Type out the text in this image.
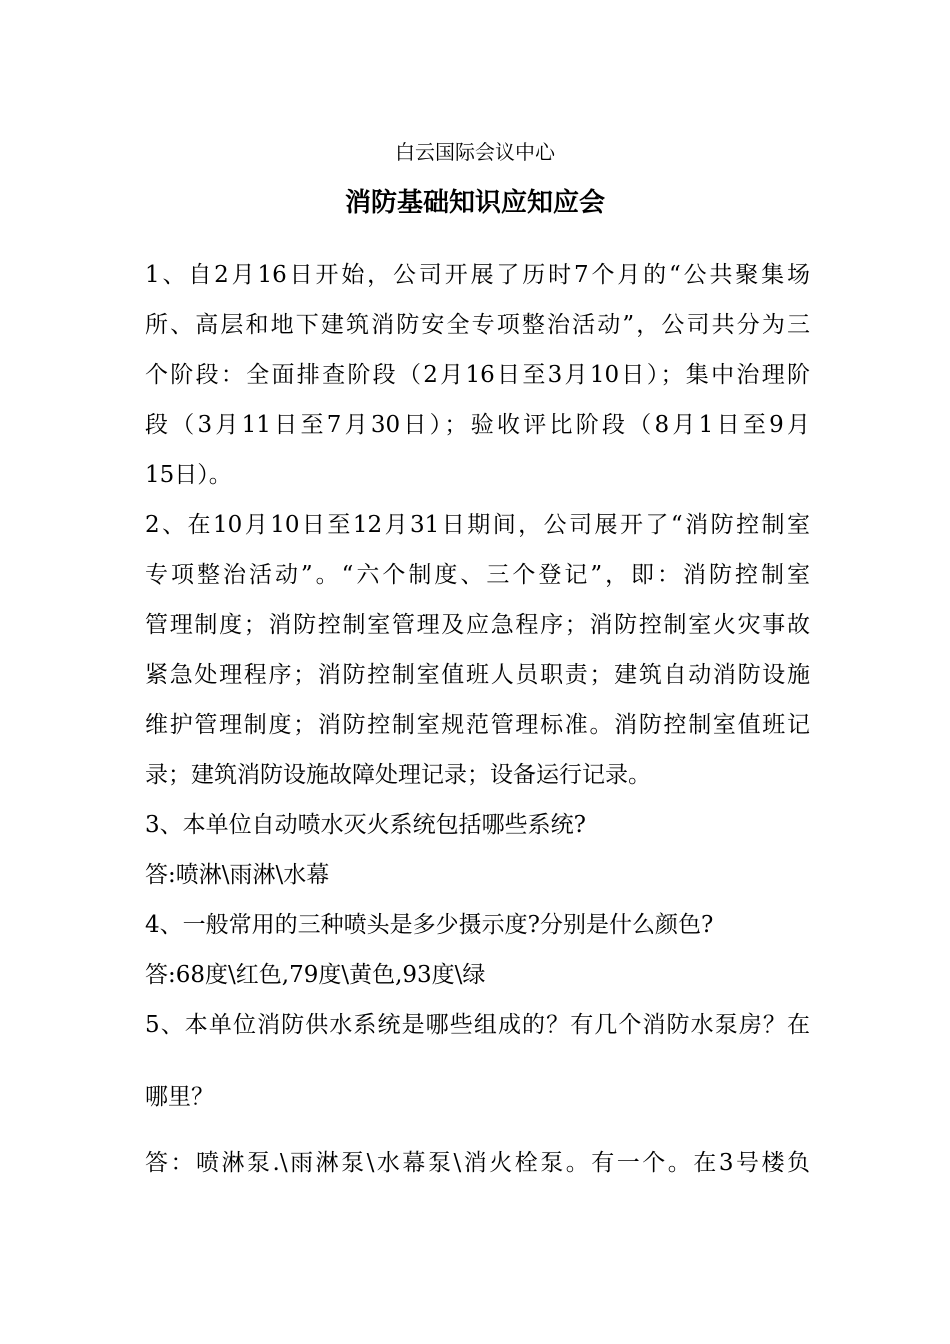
白云国际会议中心
消防基础知识应知应会
1、自2月16日开始，公司开展了历时7个月的“公共聚集场
所、高层和地下建筑消防安全专项整治活动”，公司共分为三
个阶段：全面排查阶段（2月16日至3月10日）；集中治理阶
段（3月11日至7月30日）；验收评比阶段（8月1日至9月
15日）。
2、在10月10日至12月31日期间，公司展开了“消防控制室
专项整治活动”。“六个制度、三个登记”，即：消防控制室
管理制度；消防控制室管理及应急程序；消防控制室火灾事故
紧急处理程序；消防控制室值班人员职责；建筑自动消防设施
维护管理制度；消防控制室规范管理标准。消防控制室值班记
录；建筑消防设施故障处理记录；设备运行记录。
3、本单位自动喷水灭火系统包括哪些系统?
答:喷淋\雨淋\水幕
4、一般常用的三种喷头是多少摄示度?分别是什么颜色?
答:68度\红色,79度\黄色,93度\绿
5、本单位消防供水系统是哪些组成的？有几个消防水泵房？在
哪里？
答：喷淋泵.\雨淋泵\水幕泵\消火栓泵。有一个。在3号楼负
